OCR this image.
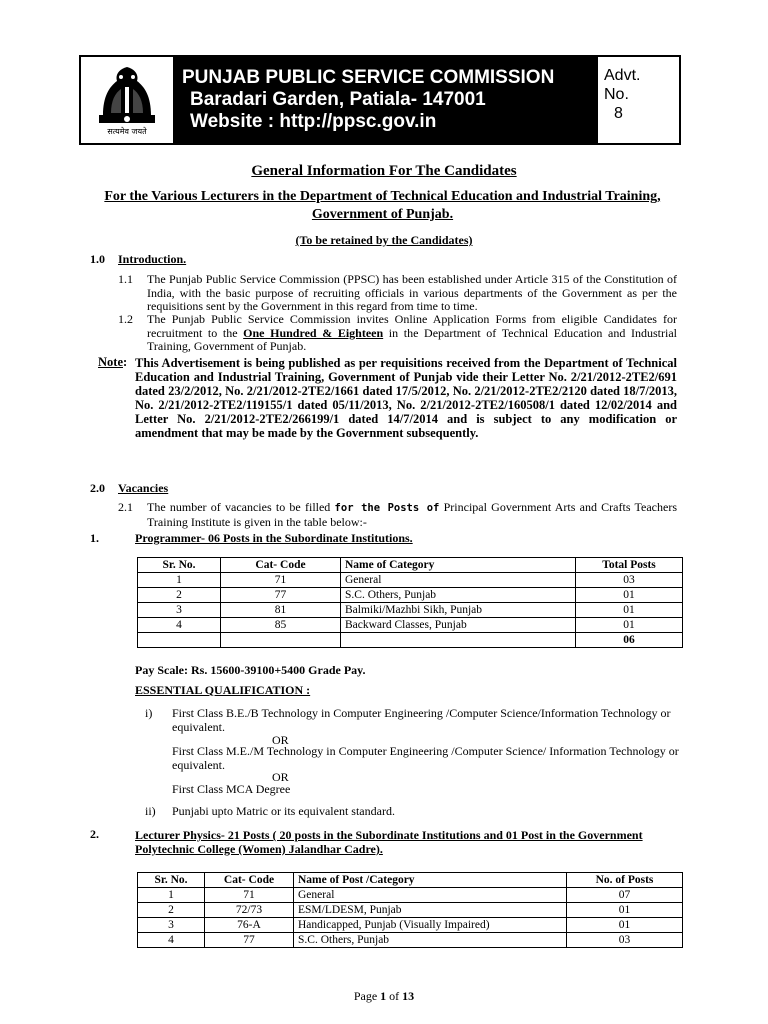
सत्यमेव जयते
PUNJAB PUBLIC SERVICE COMMISSION
Baradari Garden, Patiala- 147001
Website : http://ppsc.gov.in
Advt.
No.
8
General Information For The Candidates
For the Various Lecturers in the Department of Technical Education and Industrial Training, Government of Punjab.
(To be retained by the Candidates)
1.0 Introduction.
1.1 The Punjab Public Service Commission (PPSC) has been established under Article 315 of the Constitution of India, with the basic purpose of recruiting officials in various departments of the Government as per the requisitions sent by the Government in this regard from time to time.
1.2 The Punjab Public Service Commission invites Online Application Forms from eligible Candidates for recruitment to the One Hundred & Eighteen in the Department of Technical Education and Industrial Training, Government of Punjab.
Note: This Advertisement is being published as per requisitions received from the Department of Technical Education and Industrial Training, Government of Punjab vide their Letter No. 2/21/2012-2TE2/691 dated 23/2/2012, No. 2/21/2012-2TE2/1661 dated 17/5/2012, No. 2/21/2012-2TE2/2120 dated 18/7/2013, No. 2/21/2012-2TE2/119155/1 dated 05/11/2013, No. 2/21/2012-2TE2/160508/1 dated 12/02/2014 and Letter No. 2/21/2012-2TE2/266199/1 dated 14/7/2014 and is subject to any modification or amendment that may be made by the Government subsequently.
2.0 Vacancies
2.1 The number of vacancies to be filled for the Posts of Principal Government Arts and Crafts Teachers Training Institute is given in the table below:-
1.	Programmer- 06 Posts in the Subordinate Institutions.
Sr. No.	Cat- Code	Name of Category	Total Posts
1	71	General	03
2	77	S.C. Others, Punjab	01
3	81	Balmiki/Mazhbi Sikh, Punjab	01
4	85	Backward Classes, Punjab	01
			06
Pay Scale: Rs. 15600-39100+5400 Grade Pay.
ESSENTIAL QUALIFICATION :
i) First Class B.E./B Technology in Computer Engineering /Computer Science/Information Technology or equivalent.
OR
First Class M.E./M Technology in Computer Engineering /Computer Science/ Information Technology or equivalent.
OR
First Class MCA Degree
ii) Punjabi upto Matric or its equivalent standard.
2.	Lecturer Physics- 21 Posts ( 20 posts in the Subordinate Institutions and 01 Post in the Government Polytechnic College (Women) Jalandhar Cadre).
Sr. No.	Cat- Code	Name of Post /Category	No. of Posts
1	71	General	07
2	72/73	ESM/LDESM, Punjab	01
3	76-A	Handicapped, Punjab (Visually Impaired)	01
4	77	S.C. Others, Punjab	03
Page 1 of 13
